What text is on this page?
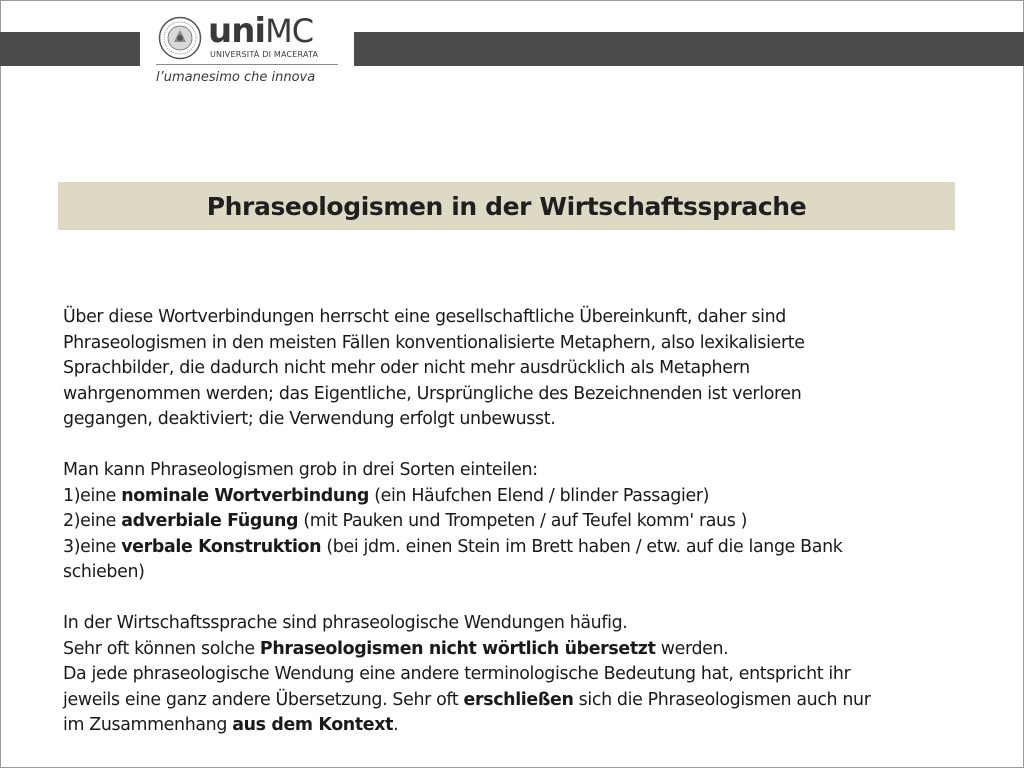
uniMC
UNIVERSITÀ DI MACERATA
l’umanesimo che innova
Phraseologismen in der Wirtschaftssprache

Über diese Wortverbindungen herrscht eine gesellschaftliche Übereinkunft, daher sind

Phraseologismen in den meisten Fällen konventionalisierte Metaphern, also lexikalisierte

Sprachbilder, die dadurch nicht mehr oder nicht mehr ausdrücklich als Metaphern

wahrgenommen werden; das Eigentliche, Ursprüngliche des Bezeichnenden ist verloren

gegangen, deaktiviert; die Verwendung erfolgt unbewusst.

Man kann Phraseologismen grob in drei Sorten einteilen:

1)eine nominale Wortverbindung (ein Häufchen Elend / blinder Passagier)

2)eine adverbiale Fügung (mit Pauken und Trompeten / auf Teufel komm' raus )

3)eine verbale Konstruktion (bei jdm. einen Stein im Brett haben / etw. auf die lange Bank

schieben)

In der Wirtschaftssprache sind phraseologische Wendungen häufig.

Sehr oft können solche Phraseologismen nicht wörtlich übersetzt werden.

Da jede phraseologische Wendung eine andere terminologische Bedeutung hat, entspricht ihr

jeweils eine ganz andere Übersetzung. Sehr oft erschließen sich die Phraseologismen auch nur

im Zusammenhang aus dem Kontext.
